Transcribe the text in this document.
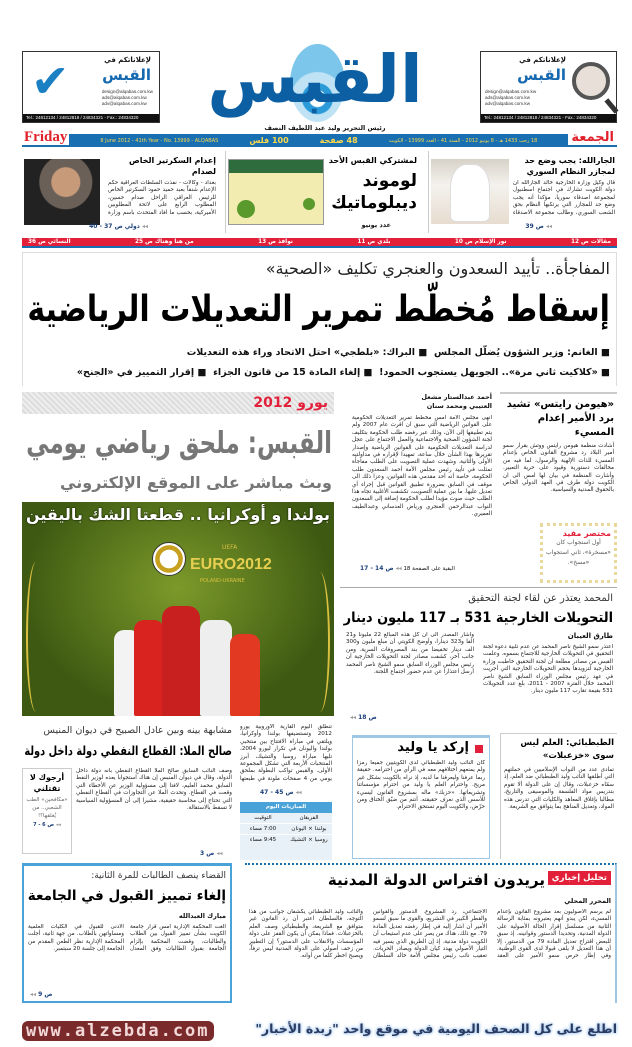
✔	لإعلاناتكم في
القبس
design@alqabas.com.kw
ads@alqabas.com.kw
adv@alqabas.com.kw
Tel.: 24812134 / 24812818 / 24834321 - Fax.: 24834320	القبس
رئيس التحرير وليد عبد اللطيف النصف
لإعلاناتكم في
القبس
design@alqabas.com.kw
ads@alqabas.com.kw
adv@alqabas.com.kw
Tel.: 24812134 / 24812818 / 24834321 - Fax.: 24834320
Friday	8 June 2012 - 41th Year - No. 13999 - ALQABAS	100 فلس	48 صفحة	18 رجب 1433 هـ - 8 يونيو 2012 - السنة 41 - العدد 13999 - الكويت	الجمعة
الجارالله: يجب وضع حد لمجازر النظام السوري
قال وكيل وزارة الخارجية خالد الجارالله ان دولة الكويت تشارك في اجتماع اسطنبول لمجموعة اصدقاء سوريا، مؤكدا أنه يجب وضع حد للمجازر التي يرتكبها النظام بحق الشعب السوري، وطالب مجموعة الاصدقاء
◂◂ ص 39
لمشتركي القبس الأحد
لوموند
ديبلوماتيك
عدد يونيو
إعدام السكرتير الخاص لصدام
بغداد - وكالات - نفذت السلطات العراقية حكم الإعدام شنقاً بعبد حميد حمود السكرتير الخاص للرئيس العراقي الراحل صدام حسين، المطلوب الرابع على لائحة المطلوبين الأميركية، بحسب ما افاد المتحدث باسم وزارة
◂◂ دولي ص 37 - 40
مقالات ص 12
نور الإسلام ص 10
بلدي ص 11
نوافذ ص 13
من هنا وهناك ص 25
النسائي ص 36
المفاجأة.. تأييد السعدون والعنجري تكليف «الصحية»
إسقاط مُخطّط تمرير التعديلات الرياضية
■ الغانم: وزير الشؤون يُضلّل المجلس  ■ البراك: «بلطجي» احتل الاتحاد وراء هذه التعديلات
■ «كلاكيت ثاني مرة».. الجويهل يستجوب الحمود!  ■ إلغاء المادة 15 من قانون الجزاء  ■ إقرار التمييز في «الجنح»
يورو 2012
القبس: ملحق رياضي يومي
وبث مباشر على الموقع الإلكتروني
بولندا و أوكرانيا .. قطعتا الشك باليقين
UEFA
EURO2012
POLAND-UKRAINE
تنطلق اليوم القارية الأوروبية يورو 2012 وتستضيفها بولندا وأوكرانيا، ويلتقي في مباراة الافتتاح بين منتخبي بولندا واليونان في تكرار ليورو 2004، تليها مباراة روسيا والتشيك، أبرز المنتخبات الأربعة التي تشكل المجموعة الأولى. والقبس تواكب البطولة بملحق يومي من 4 صفحات ملونة في طبعتها
◂◂ ص 45 - 47
المباريات اليوم
الفريقان
التوقيت
بولندا × اليونان
7:00 مساء
روسيا × التشيك
9:45 مساء
مشابهة بينه وبين عادل الصبيح في ديوان المنيس
صالح الملا: القطاع النفطي دولة داخل دولة
وصف النائب السابق صالح الملا القطاع النفطي بأنه دولة داخل الدولة، وقال في ديوان المنيس إن هناك استجوابا يعده لوزير النفط السابق محمد العليم، لافتا إلى مسؤولية الوزير عن الأخطاء التي وقعت في القطاع. وتحدث الملا عن التجاوزات في القطاع النفطي التي تحتاج إلى محاسبة حقيقية، مشيرا إلى أن المسؤولية السياسية لا تسقط بالاستقالة.
◂◂ ص 3
أرجوك لا تقتلني
«مكافحين» الطب الشعبي.. من يُغلقها؟!
◂◂ ص 6 - 7
أحمد عبدالستار مشعل العتيبي ومحمد سنان
أنهى مجلس الأمة أمس مخطط تمرير التعديلات الحكومية على القوانين الرياضية التي سبق ان اقرت عام 2007 ولم يتم تطبيقها إلى الآن، وذلك عبر رفضه طلب الحكومة بتكليف لجنة الشؤون الصحية والاجتماعية والعمل الاجتماع على عجل لدراسة التعديلات الحكومية على القوانين الرياضية وإصدار تقريرها بهذا الشأن خلال ساعة، تمهيدا لإقراره في مداولتيه الأولى والثانية. وشهدت عملية التصويت على الطلب مفاجأة تمثلت في تأييد رئيس مجلس الأمة أحمد السعدون طلب الحكومة، خاصة أنه أحد مقدمي هذه القوانين، وعزا ذلك الى موقف في السابق بضرورة تطبيق القوانين قبل إجراء أي تعديل عليها. ما بين عملية التصويت، تكشفت الأغلبية تجاه هذا الطلب حيث صوت مؤيدا لطلب الحكومة إضافة إلى السعدون النواب عبدالرحمن العنجري ورياض العدساني وعبدالطيف العميري.
البقية على الصفحة 18 ◂◂ ص 14 - 17
«هيومن رايتس» تشيد برد الأمير إعدام المسيء
أشادت منظمة هيومن رايتس ووتش بقرار سمو أمير البلاد رد مشروع القانون الخاص بإعدام المسيء للذات الإلهية والرسول، لما فيه من مخالفات دستورية وقيود على حرية التعبير. وأشارت المنظمة في بيان لها امس الى ان الكويت دولة طرف في العهد الدولي الخاص بالحقوق المدنية والسياسية.
مختصر مفيد
أول استجواب كان «مسخرة»، ثاني استجواب «مسخ».
المحمد يعتذر عن لقاء لجنة التحقيق
التحويلات الخارجية 531 بـ 117 مليون دينار
طارق العيبان
اعتذر سمو الشيخ ناصر المحمد عن عدم تلبية دعوة لجنة التحقيق في التحويلات الخارجية للاجتماع بسموه. وعلمت القبس من مصادر مطلعة أن لجنة التحقيق خاطبت وزارة الخارجية لتزويدها بحجم التحويلات الخارجية التي أجريت في عهد رئيس مجلس الوزراء السابق الشيخ ناصر المحمد خلال الفترة 2007 - 2011، بلغ عدد التحويلات 531 بقيمة تقارب 117 مليون دينار.
وأشار المصدر الى أن كل هذه المبالغ 22 مليونا و21 الفا و323 دينارا، وأوضح الكويتي أن مبلغ مليون و300 الف دينار تخفيضا من بند المصروفات السرية. ومن جانب آخر، كشفت مصادر لجنة التحويلات الخارجية أن رئيس مجلس الوزراء السابق سمو الشيخ ناصر المحمد أرسل اعتذارا عن عدم حضور اجتماع اللجنة.
◂◂ ص 18
إركد يا وليد
كان النائب وليد الطبطبائي لدى الكويتيين جميعاً رمزاً ولم يمنعهم اختلافهم معه في الرأي من احترامه. حقيقة ربما عرفنا وليعرفنا ما لديه، إذ نراه بالكويت بشكل غير مريح. واحترام العلم يا وليد من احترام مؤسساتنا وتشريعاتها. «حزبك» ماله بمشروع القانون ليسيء للأسس الذي نعرف حقيقته. أنتم من ضيّق الخناق ومن حرّض، والكويت اليوم تستحق الاحترام.
الطبطبائي: العلم ليس سوى «خزعبلات»
تمادى عدد من النواب الإسلاميين في حملتهم التي أطلقها النائب وليد الطبطبائي ضد العلم، إذ سمّاه خزعبلات، وقال إن على الدولة ألا تقوم بتدريس مواد الفلسفة والموسيقى والتاريخ، مطالبا بإغلاق المعاهد والكليات التي تدرس هذه المواد، وتعديل المناهج بما يتوافق مع الشريعة.
القضاء ينصف الطالبات للمرة الثانية:
إلغاء تمييز القبول في الجامعة
مبارك العبدالله
ألغت المحكمة الإدارية أمس قرار جامعة الكويت بشأن تمييز القبول بين الطلاب والطالبات، وقضت المحكمة بإلزام الجامعة بقبول الطالبات وفق المعدل الأدنى للقبول في الكليات العلمية ومساواتهن بالطلاب. من جهة ثانية، أجلت المحكمة الإدارية نظر الطعن المقدم من الجامعة إلى جلسة 20 سبتمبر.
◂◂ ص 9
تحليل إخباري
يريدون افتراس الدولة المدنية
المحرر المحلي
لم يرسم الأصوليون بعد مشروع القانون بإعدام المسيء، لكن يبدو أنهم يعتبرونه بمثابة الرسالة الثانية من مسلسل إقرار الحالة الأصولية على الدولة المدنية، وتحديدا الدستور وقوانينه. إذ سبق للبعض اقتراح تعديل المادة 79 من الدستور، إلا أن هذا التعديل لا يلقى قبولا لدى القوى الوطنية. وفي إطار حرص سمو الأمير على العقد الاجتماعي، رد المشروع. الدستور والقوانين والقطر الكبير في التشريع، والقوى ما سبق لسمو الأمير أن اشار إليه في إطار رفضه تعديل المادة 79. مع ذلك، هناك من يصر على عدم استيعاب أن الكويت دولة مدنية. إذ إن الطريق الذي يسير فيه التيار الأصولي يهدد كيان الدولة ويصادر الحريات. تعقيب نائب رئيس مجلس الأمة خالد السلطان والنائب وليد الطبطبائي يكشفان جوانب من هذا التوجه، فالسلطان اعتبر أن رد القانون غير متوافق مع الشريعة، والطبطبائي وصف العلم بالخزعبلات. فماذا يمكن أن يكون القفز على دولة المؤسسات والانقلاب على الدستور؟ إن التطبير من زحف أصولي على الدولة المدنية ليس ترفاً، ويصبح اخطر كلما من أوانه.
www.alzebda.com	اطلع على كل الصحف اليومية في موقع واحد "زبدة الأخبار"
